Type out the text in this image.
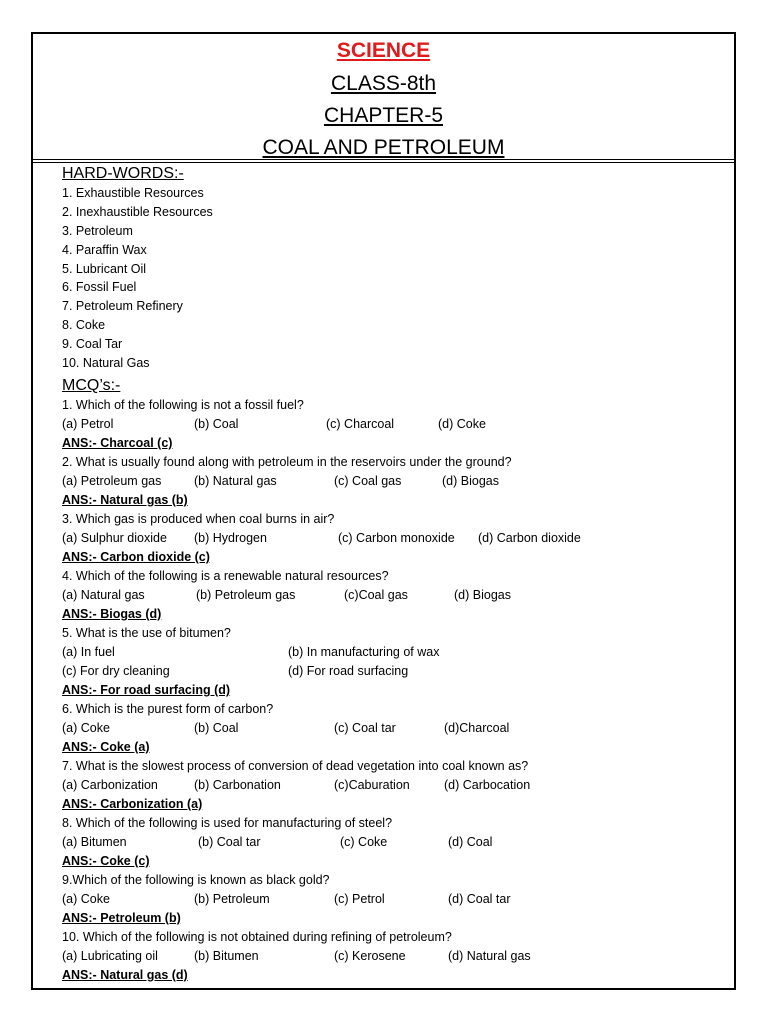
SCIENCE
CLASS-8th
CHAPTER-5
COAL AND PETROLEUM
HARD-WORDS:-
1. Exhaustible Resources
2. Inexhaustible Resources
3. Petroleum
4. Paraffin Wax
5. Lubricant Oil
6. Fossil Fuel
7. Petroleum Refinery
8. Coke
9. Coal Tar
10. Natural Gas
MCQ’s:-
1. Which of the following is not a fossil fuel?
(a) Petrol	(b) Coal	(c) Charcoal	(d) Coke
ANS:- Charcoal (c)
2. What is usually found along with petroleum in the reservoirs under the ground?
(a) Petroleum gas	(b) Natural gas	(c) Coal gas	(d) Biogas
ANS:- Natural gas (b)
3. Which gas is produced when coal burns in air?
(a) Sulphur dioxide (b) Hydrogen	(c) Carbon monoxide (d) Carbon dioxide
ANS:- Carbon dioxide (c)
4. Which of the following is a renewable natural resources?
(a) Natural gas	(b) Petroleum gas	(c)Coal gas	(d) Biogas
ANS:- Biogas (d)
5. What is the use of bitumen?
(a) In fuel	(b) In manufacturing of wax
(c) For dry cleaning	(d) For road surfacing
ANS:- For road surfacing (d)
6. Which is the purest form of carbon?
(a) Coke	(b) Coal	(c) Coal tar	(d)Charcoal
ANS:- Coke (a)
7. What is the slowest process of conversion of dead vegetation into coal known as?
(a) Carbonization	(b) Carbonation	(c)Caburation	(d) Carbocation
ANS:- Carbonization (a)
8. Which of the following is used for manufacturing of steel?
(a) Bitumen	(b) Coal tar	(c) Coke	(d) Coal
ANS:- Coke (c)
9.Which of the following is known as black gold?
(a) Coke	(b) Petroleum	(c) Petrol	(d) Coal tar
ANS:- Petroleum (b)
10. Which of the following is not obtained during refining of petroleum?
(a) Lubricating oil	(b) Bitumen	(c) Kerosene	(d) Natural gas
ANS:- Natural gas (d)
